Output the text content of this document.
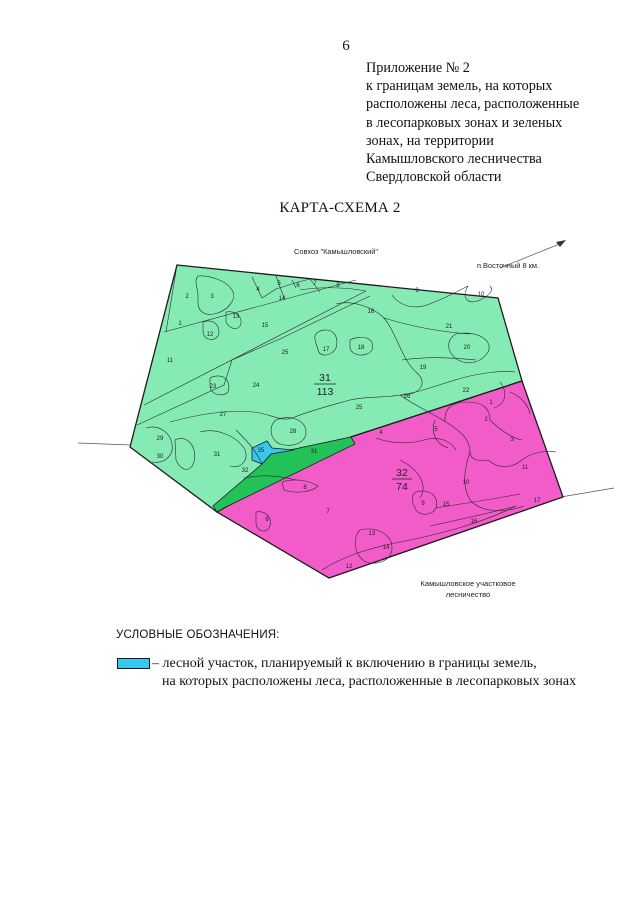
6
Приложение № 2
к границам земель, на которых
расположены леса, расположенные
в лесопарковых зонах и зеленых
зонах, на территории
Камышловского лесничества
Свердловской области
КАРТА-СХЕМА 2
31
113
32
74
Совхоз "Камышловский"
п.Восточный 8 км.
Камышловское участковое
лесничество
1
2	3
4
5	6 7	8
9
10
11
12
13
14
15
16
17	18
19
20
21
22
23	24
25
25
26
27
28
29
30	31
32
35	31
1
2
3
4	5
6
7
8
9
10
11
12
13
14
15
16
17
УСЛОВНЫЕ ОБОЗНАЧЕНИЯ:
– лесной участок, планируемый к включению в границы земель,
на которых расположены леса, расположенные в лесопарковых зонах
